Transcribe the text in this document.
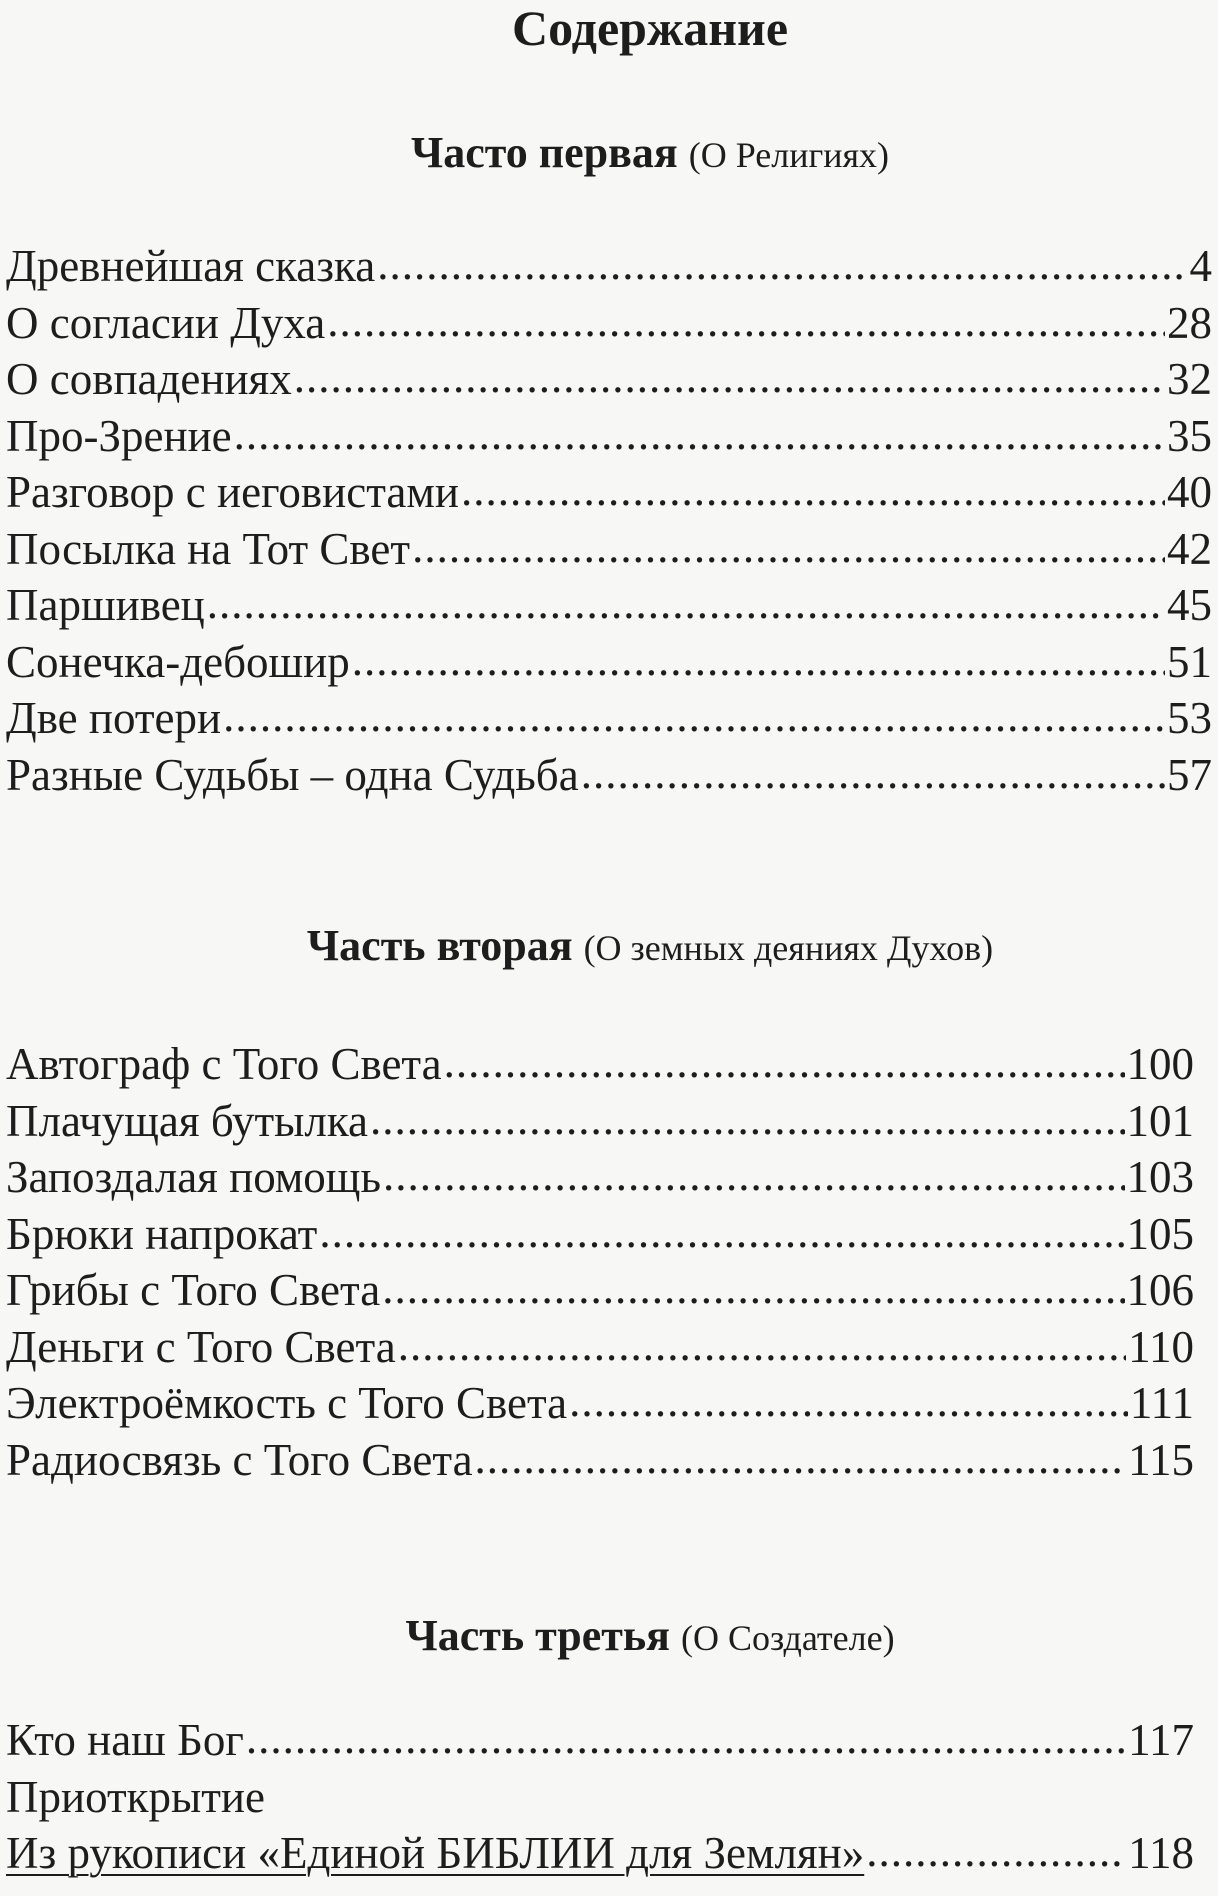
Содержание
Часто первая (О Религиях)
Древнейшая сказка .....	4
О согласии Духа .....	28
О совпадениях .....	32
Про-Зрение .....	35
Разговор с иеговистами .....	40
Посылка на Тот Свет .....	42
Паршивец .....	45
Сонечка-дебошир .....	51
Две потери .....	53
Разные Судьбы – одна Судьба .....	57
Часть вторая (О земных деяниях Духов)
Автограф с Того Света .....	100
Плачущая бутылка .....	101
Запоздалая помощь .....	103
Брюки напрокат .....	105
Грибы с Того Света .....	106
Деньги с Того Света .....	110
Электроёмкость с Того Света .....	111
Радиосвязь с Того Света .....	115
Часть третья (О Создателе)
Кто наш Бог .....	117
Приоткрытие
Из рукописи «Единой БИБЛИИ для Землян» .....	118
